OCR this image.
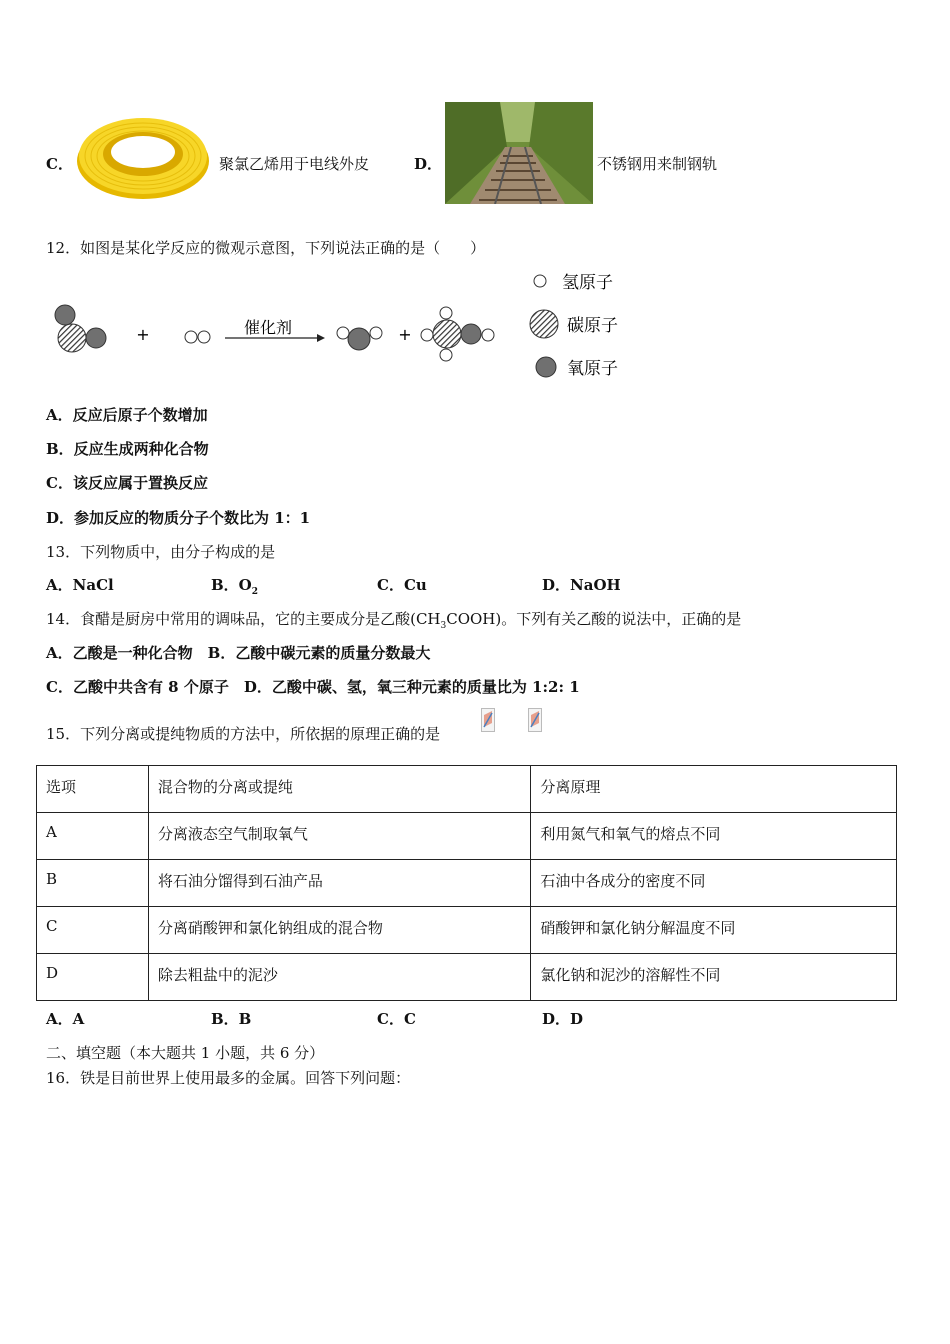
C．	聚氯乙烯用于电线外皮	D．	不锈钢用来制钢轨
12．如图是某化学反应的微观示意图，下列说法正确的是（　　）
+	催化剂	+
氢原子
碳原子
氧原子
A．反应后原子个数增加
B．反应生成两种化合物
C．该反应属于置换反应
D．参加反应的物质分子个数比为 1：1
13．下列物质中，由分子构成的是
A．NaCl	B．$O_2$	C．Cu	D．NaOH
14．食醋是厨房中常用的调味品，它的主要成分是乙酸$(CH_3COOH)$。下列有关乙酸的说法中，正确的是
A．乙酸是一种化合物　B．乙酸中碳元素的质量分数最大
C．乙酸中共含有 8 个原子　D．乙酸中碳、氢，氧三种元素的质量比为 1:2: 1
15．下列分离或提纯物质的方法中，所依据的原理正确的是
选项	混合物的分离或提纯	分离原理
A	分离液态空气制取氧气	利用氮气和氧气的熔点不同
B	将石油分馏得到石油产品	石油中各成分的密度不同
C	分离硝酸钾和氯化钠组成的混合物	硝酸钾和氯化钠分解温度不同
D	除去粗盐中的泥沙	氯化钠和泥沙的溶解性不同
A．A	B．B	C．C	D．D
二、填空题（本大题共 1 小题，共 6 分）
16．铁是目前世界上使用最多的金属。回答下列问题：
